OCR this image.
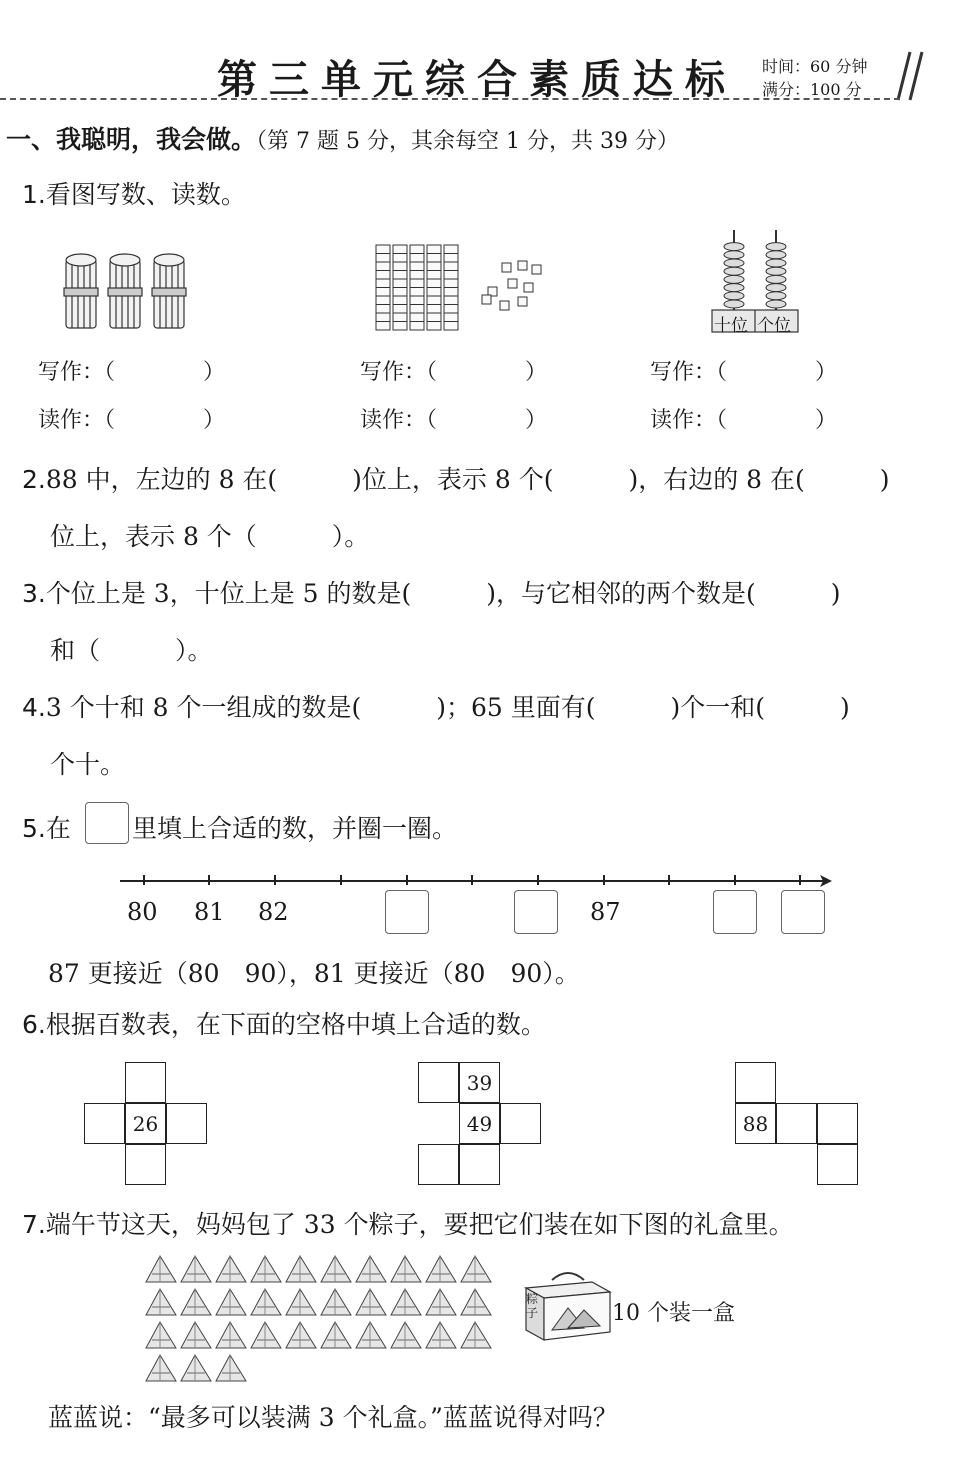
第三单元综合素质达标	时间：60 分钟
满分：100 分
一、我聪明，我会做。（第 7 题 5 分，其余每空 1 分，共 39 分）
1.看图写数、读数。
十位 个位
写作：（　　　　）	写作：（　　　　）	写作：（　　　　）
读作：（　　　　）	读作：（　　　　）	读作：（　　　　）
2.88 中，左边的 8 在(　　　)位上，表示 8 个(　　　)，右边的 8 在(　　　)
位上，表示 8 个（　　　）。
3.个位上是 3，十位上是 5 的数是(　　　)，与它相邻的两个数是(　　　)
和（　　　）。
4.3 个十和 8 个一组成的数是(　　　)；65 里面有(　　　)个一和(　　　)
个十。
5.在 里填上合适的数，并圈一圈。
80 81 82	87
87 更接近（80　90），81 更接近（80　90）。
6.根据百数表，在下面的空格中填上合适的数。
26
39
49	88
7.端午节这天，妈妈包了 33 个粽子，要把它们装在如下图的礼盒里。
粽子	10 个装一盒
蓝蓝说：“最多可以装满 3 个礼盒。”蓝蓝说得对吗？
